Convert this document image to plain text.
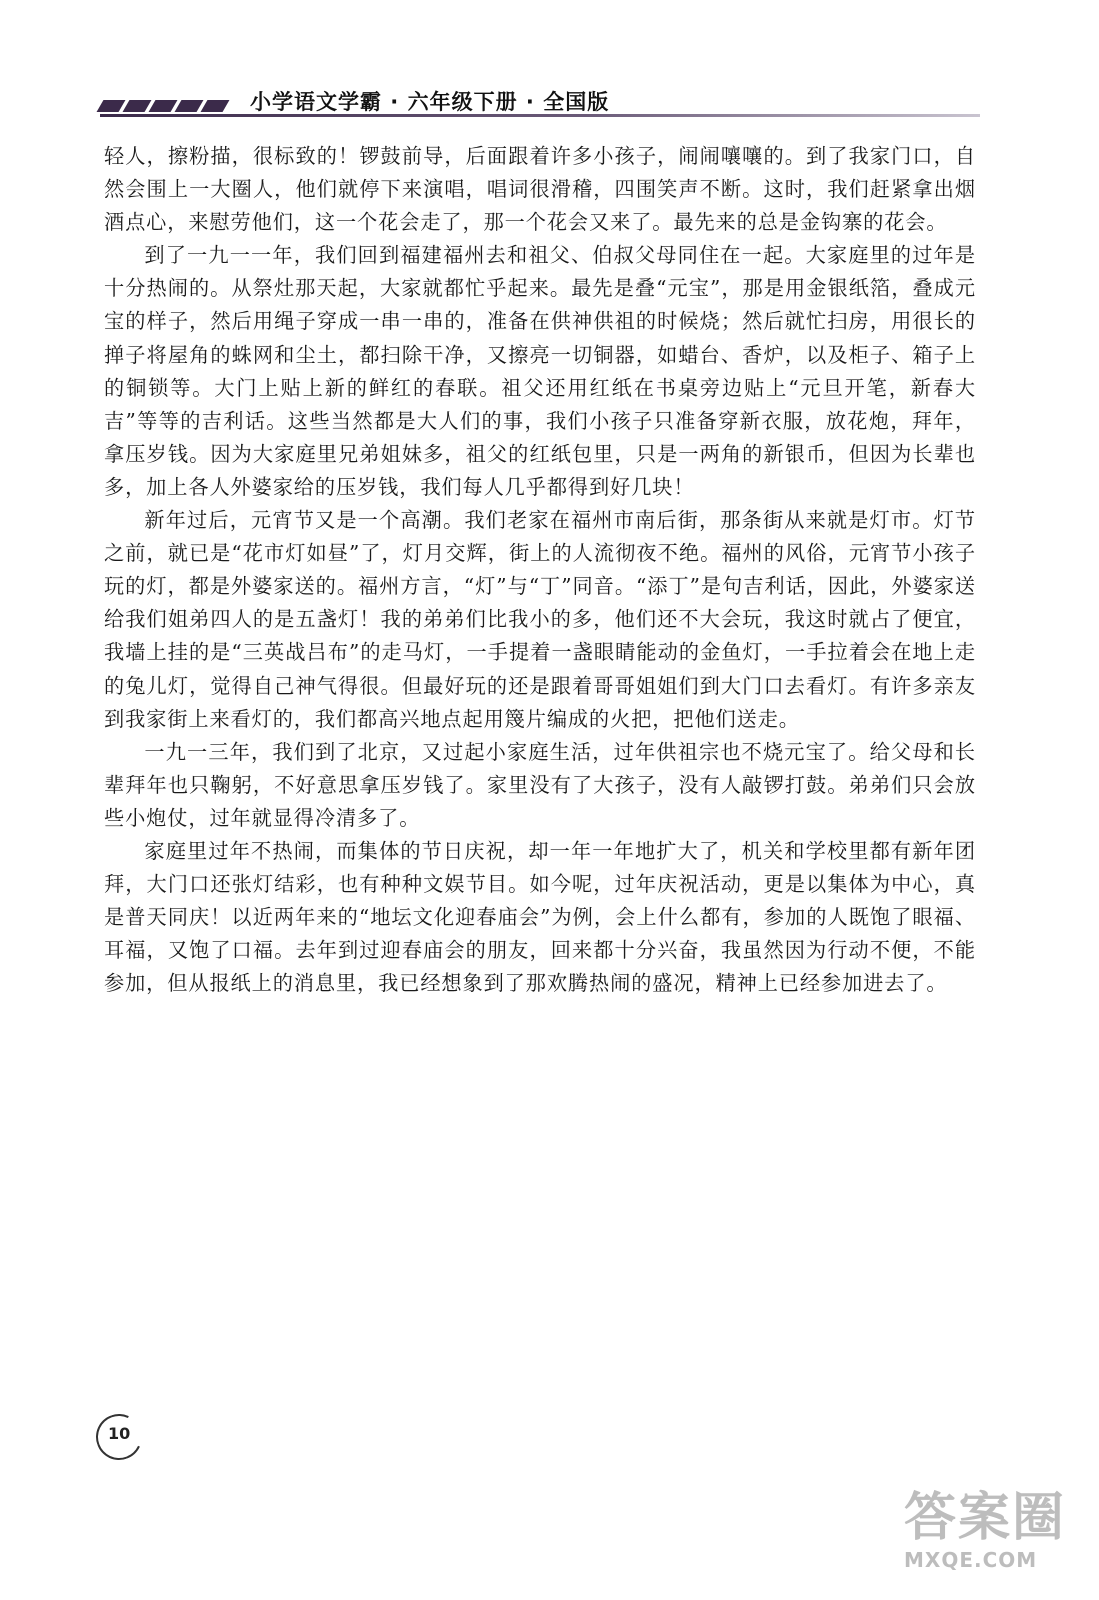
小学语文学霸 · 六年级下册 · 全国版

轻人，擦粉描，很标致的！锣鼓前导，后面跟着许多小孩子，闹闹嚷嚷的。到了我家门口，自然会围上一大圈人，他们就停下来演唱，唱词很滑稽，四围笑声不断。这时，我们赶紧拿出烟酒点心，来慰劳他们，这一个花会走了，那一个花会又来了。最先来的总是金钩寨的花会。

到了一九一一年，我们回到福建福州去和祖父、伯叔父母同住在一起。大家庭里的过年是十分热闹的。从祭灶那天起，大家就都忙乎起来。最先是叠“元宝”，那是用金银纸箔，叠成元宝的样子，然后用绳子穿成一串一串的，准备在供神供祖的时候烧；然后就忙扫房，用很长的掸子将屋角的蛛网和尘土，都扫除干净，又擦亮一切铜器，如蜡台、香炉，以及柜子、箱子上的铜锁等。大门上贴上新的鲜红的春联。祖父还用红纸在书桌旁边贴上“元旦开笔，新春大吉”等等的吉利话。这些当然都是大人们的事，我们小孩子只准备穿新衣服，放花炮，拜年，拿压岁钱。因为大家庭里兄弟姐妹多，祖父的红纸包里，只是一两角的新银币，但因为长辈也多，加上各人外婆家给的压岁钱，我们每人几乎都得到好几块！

新年过后，元宵节又是一个高潮。我们老家在福州市南后街，那条街从来就是灯市。灯节之前，就已是“花市灯如昼”了，灯月交辉，街上的人流彻夜不绝。福州的风俗，元宵节小孩子玩的灯，都是外婆家送的。福州方言，“灯”与“丁”同音。“添丁”是句吉利话，因此，外婆家送给我们姐弟四人的是五盏灯！我的弟弟们比我小的多，他们还不大会玩，我这时就占了便宜，我墙上挂的是“三英战吕布”的走马灯，一手提着一盏眼睛能动的金鱼灯，一手拉着会在地上走的兔儿灯，觉得自己神气得很。但最好玩的还是跟着哥哥姐姐们到大门口去看灯。有许多亲友到我家街上来看灯的，我们都高兴地点起用篾片编成的火把，把他们送走。

一九一三年，我们到了北京，又过起小家庭生活，过年供祖宗也不烧元宝了。给父母和长辈拜年也只鞠躬，不好意思拿压岁钱了。家里没有了大孩子，没有人敲锣打鼓。弟弟们只会放些小炮仗，过年就显得冷清多了。

家庭里过年不热闹，而集体的节日庆祝，却一年一年地扩大了，机关和学校里都有新年团拜，大门口还张灯结彩，也有种种文娱节目。如今呢，过年庆祝活动，更是以集体为中心，真是普天同庆！以近两年来的“地坛文化迎春庙会”为例，会上什么都有，参加的人既饱了眼福、耳福，又饱了口福。去年到过迎春庙会的朋友，回来都十分兴奋，我虽然因为行动不便，不能参加，但从报纸上的消息里，我已经想象到了那欢腾热闹的盛况，精神上已经参加进去了。

10
答案圈
MXQE.COM
